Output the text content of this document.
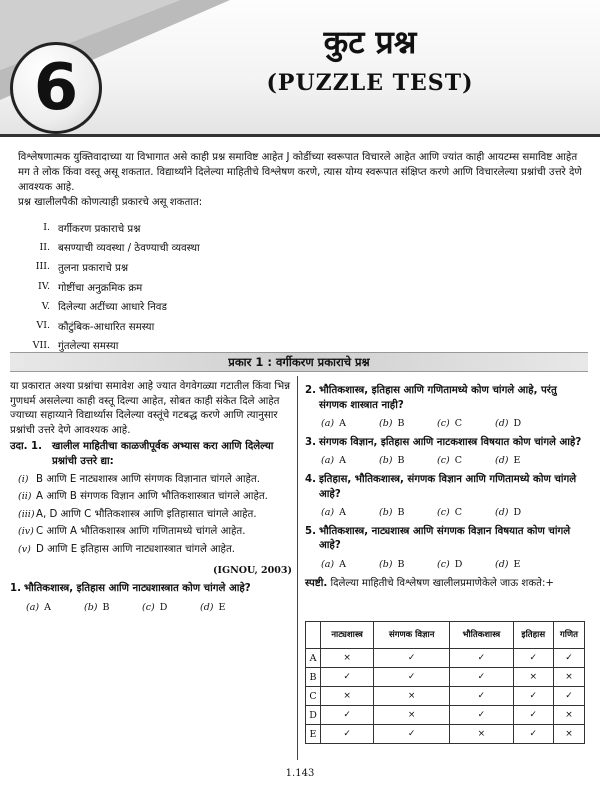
6
कुट प्रश्न
(PUZZLE TEST)

विश्लेषणात्मक युक्तिवादाच्या या विभागात असे काही प्रश्न समाविष्ट आहेत J कोडींच्या स्वरूपात विचारले आहेत आणि ज्यांत काही आयटम्स समाविष्ट आहेत मग ते लोक किंवा वस्तू असू शकतात. विद्यार्थ्यांने दिलेल्या माहितीचे विश्लेषण करणे, त्यास योग्य स्वरूपात संक्षिप्त करणे आणि विचारलेल्या प्रश्नांची उत्तरे देणे आवश्यक आहे.

प्रश्न खालीलपैकी कोणत्याही प्रकारचे असू शकतात:

I. वर्गीकरण प्रकाराचे प्रश्न
II. बसण्याची व्यवस्था / ठेवण्याची व्यवस्था
III. तुलना प्रकाराचे प्रश्न
IV. गोष्टींचा अनुक्रमिक क्रम
V. दिलेल्या अटींच्या आधारे निवड
VI. कौटुंबिक-आधारित समस्या
VII. गुंतलेल्या समस्या
प्रकार 1 : वर्गीकरण प्रकाराचे प्रश्न

या प्रकारात अश्या प्रश्नांचा समावेश आहे ज्यात वेगवेगळ्या गटातील किंवा भिन्न गुणधर्म असलेल्या काही वस्तू दिल्या आहेत, सोबत काही संकेत दिले आहेत ज्याच्या सहाय्याने विद्यार्थ्यास दिलेल्या वस्तूंचे गटबद्ध करणे आणि त्यानुसार प्रश्नांची उत्तरे देणे आवश्यक आहे.

उदा. 1. खालील माहितीचा काळजीपूर्वक अभ्यास करा आणि दिलेल्या प्रश्नांची उत्तरे द्या:
(i) B आणि E नाट्यशास्त्र आणि संगणक विज्ञानात चांगले आहेत.
(ii) A आणि B संगणक विज्ञान आणि भौतिकशास्त्रात चांगले आहेत.
(iii) A, D आणि C भौतिकशास्त्र आणि इतिहासात चांगले आहेत.
(iv) C आणि A भौतिकशास्त्र आणि गणितामध्ये चांगले आहेत.
(v) D आणि E इतिहास आणि नाट्यशास्त्रात चांगले आहेत.
(IGNOU, 2003)
1. भौतिकशास्त्र, इतिहास आणि नाट्यशास्त्रात कोण चांगले आहे?
(a) A	(b) B	(c) D	(d) E
2. भौतिकशास्त्र, इतिहास आणि गणितामध्ये कोण चांगले आहे, परंतु संगणक शास्त्रात नाही?
(a) A	(b) B	(c) C	(d) D
3. संगणक विज्ञान, इतिहास आणि नाटकशास्त्र विषयात कोण चांगले आहे?
(a) A	(b) B	(c) C	(d) E
4. इतिहास, भौतिकशास्त्र, संगणक विज्ञान आणि गणितामध्ये कोण चांगले आहे?
(a) A	(b) B	(c) C	(d) D
5. भौतिकशास्त्र, नाट्यशास्त्र आणि संगणक विज्ञान विषयात कोण चांगले आहे?
(a) A	(b) B	(c) D	(d) E

स्पष्टी. दिलेल्या माहितीचे विश्लेषण खालीलप्रमाणेकेले जाऊ शकते:+

	नाट्यशास्त्र	संगणक विज्ञान	भौतिकशास्त्र	इतिहास	गणित
A	×	✓	✓	✓	✓
B	✓	✓	✓	×	×
C	×	×	✓	✓	✓
D	✓	×	✓	✓	×
E	✓	✓	×	✓	×
1.143
